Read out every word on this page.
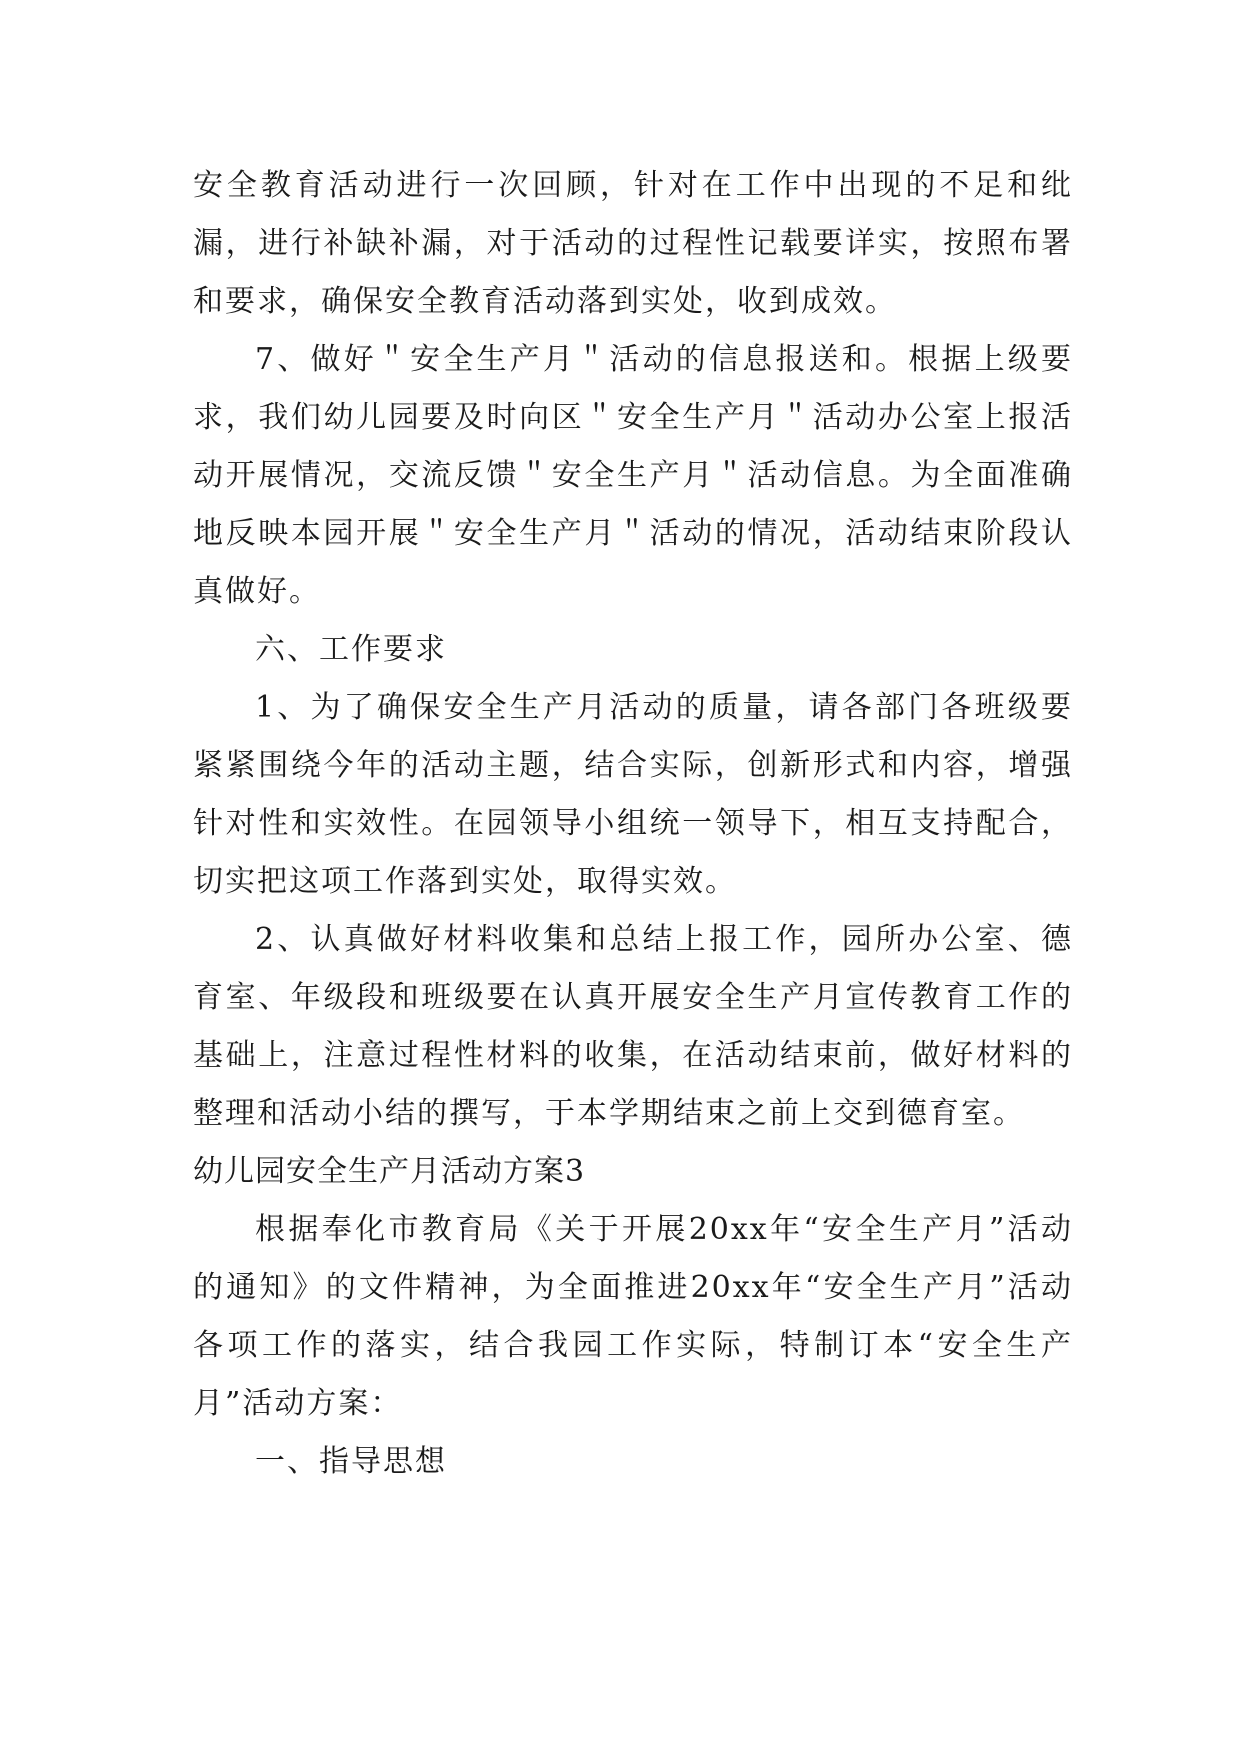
安全教育活动进行一次回顾，针对在工作中出现的不足和纰漏，进行补缺补漏，对于活动的过程性记载要详实，按照布署和要求，确保安全教育活动落到实处，收到成效。

7、做好＂安全生产月＂活动的信息报送和。根据上级要求，我们幼儿园要及时向区＂安全生产月＂活动办公室上报活动开展情况，交流反馈＂安全生产月＂活动信息。为全面准确地反映本园开展＂安全生产月＂活动的情况，活动结束阶段认真做好。

六、工作要求

1、为了确保安全生产月活动的质量，请各部门各班级要紧紧围绕今年的活动主题，结合实际，创新形式和内容，增强针对性和实效性。在园领导小组统一领导下，相互支持配合，切实把这项工作落到实处，取得实效。

2、认真做好材料收集和总结上报工作，园所办公室、德育室、年级段和班级要在认真开展安全生产月宣传教育工作的基础上，注意过程性材料的收集，在活动结束前，做好材料的整理和活动小结的撰写，于本学期结束之前上交到德育室。

幼儿园安全生产月活动方案3

根据奉化市教育局《关于开展20xx年“安全生产月”活动的通知》的文件精神，为全面推进20xx年“安全生产月”活动各项工作的落实，结合我园工作实际，特制订本“安全生产月”活动方案：

一、指导思想
